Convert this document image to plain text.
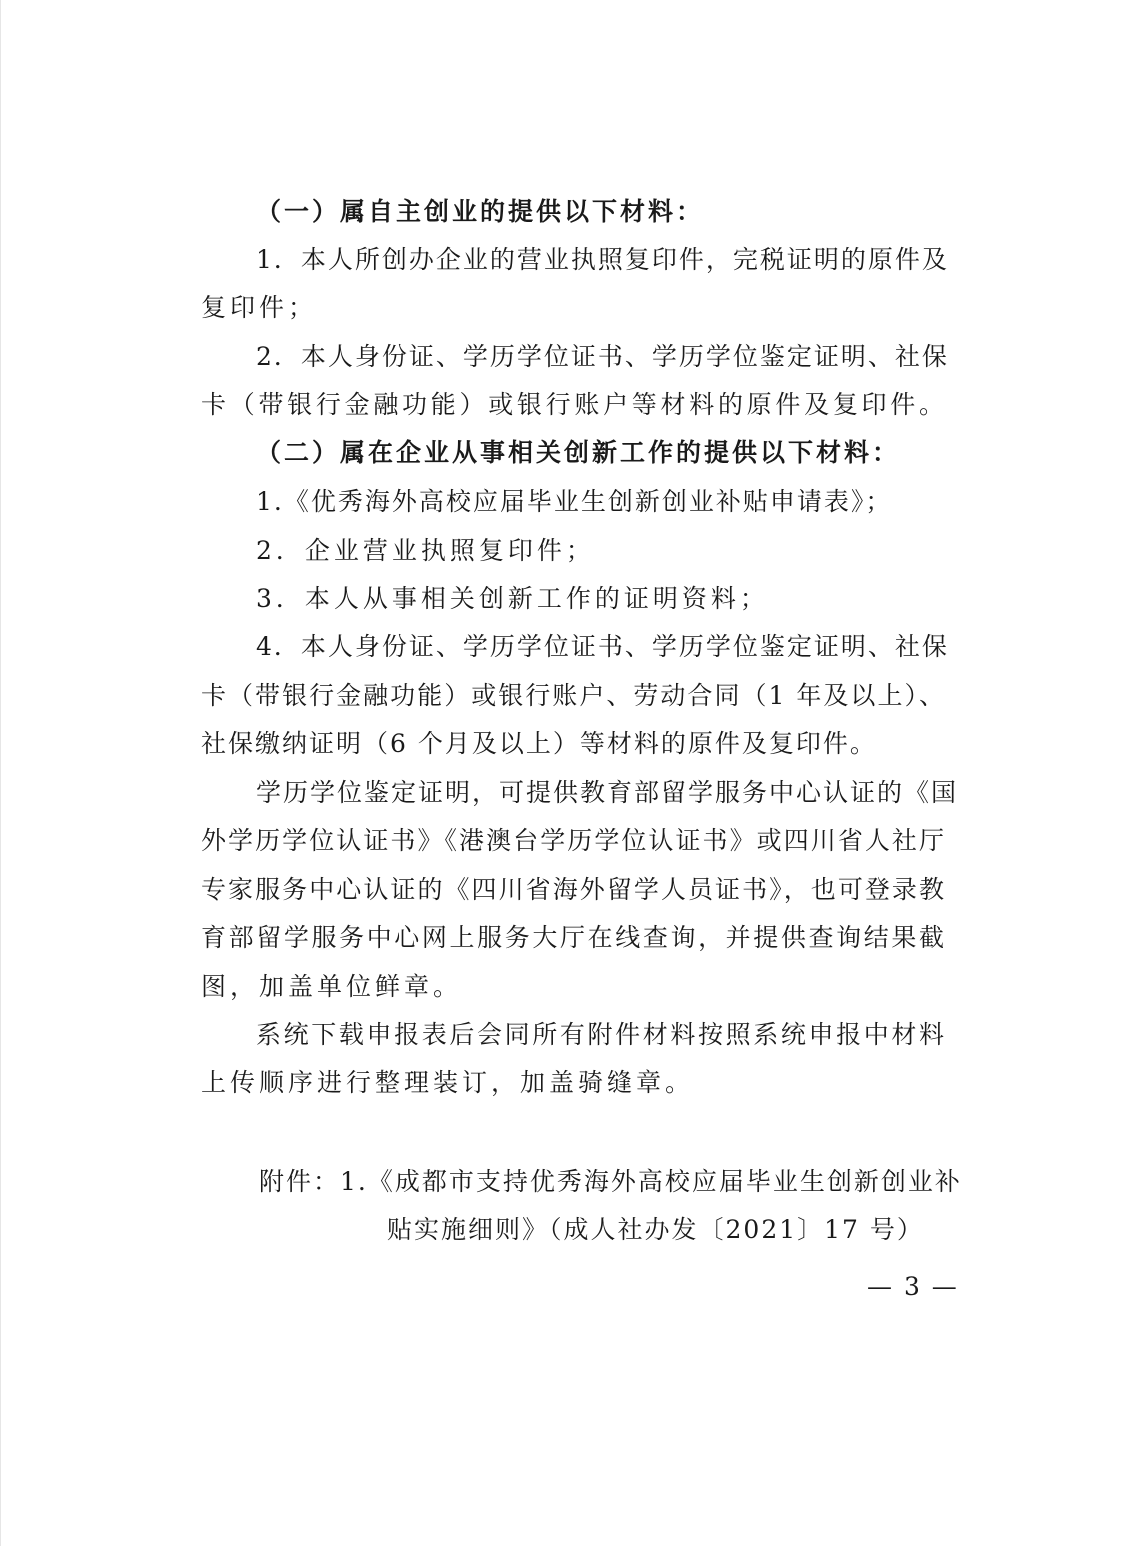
（一）属自主创业的提供以下材料：
1．本人所创办企业的营业执照复印件，完税证明的原件及
复印件；
2．本人身份证、学历学位证书、学历学位鉴定证明、社保
卡（带银行金融功能）或银行账户等材料的原件及复印件。
（二）属在企业从事相关创新工作的提供以下材料：
1.《优秀海外高校应届毕业生创新创业补贴申请表》；
2．企业营业执照复印件；
3．本人从事相关创新工作的证明资料；
4．本人身份证、学历学位证书、学历学位鉴定证明、社保
卡（带银行金融功能）或银行账户、劳动合同（1 年及以上）、
社保缴纳证明（6 个月及以上）等材料的原件及复印件。
学历学位鉴定证明，可提供教育部留学服务中心认证的《国
外学历学位认证书》《港澳台学历学位认证书》或四川省人社厅
专家服务中心认证的《四川省海外留学人员证书》，也可登录教
育部留学服务中心网上服务大厅在线查询，并提供查询结果截
图，加盖单位鲜章。
系统下载申报表后会同所有附件材料按照系统申报中材料
上传顺序进行整理装订，加盖骑缝章。
附件：1.《成都市支持优秀海外高校应届毕业生创新创业补
贴实施细则》（成人社办发〔2021〕17 号）
— 3 —
